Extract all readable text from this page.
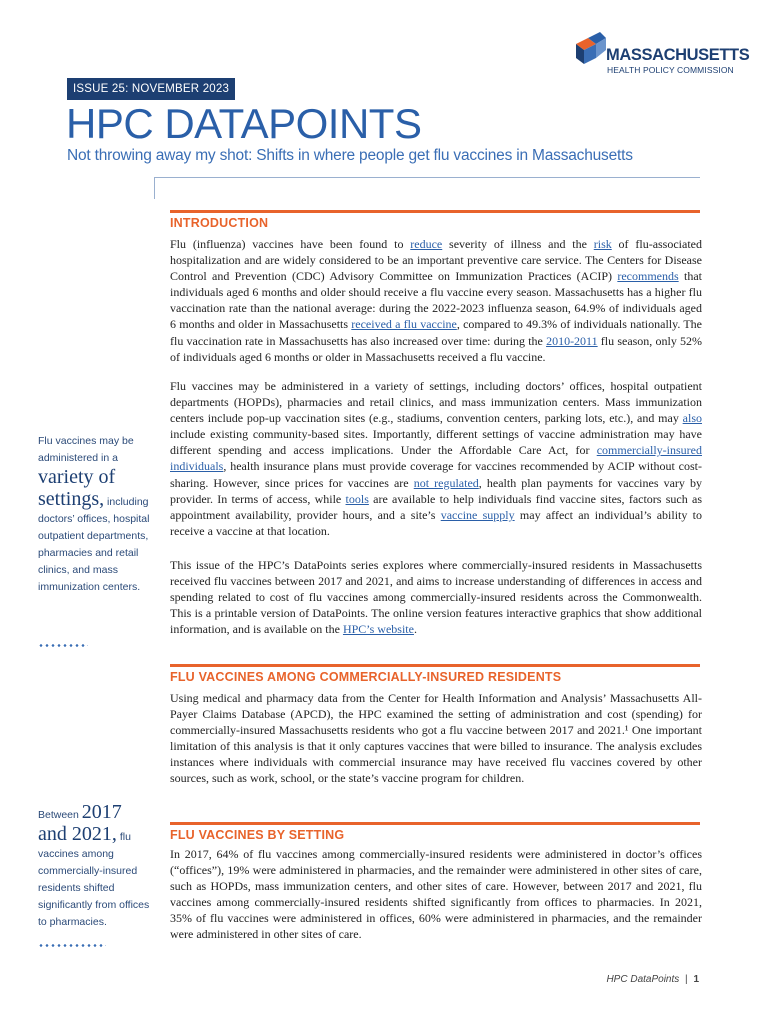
MASSACHUSETTS
HEALTH POLICY COMMISSION
ISSUE 25: NOVEMBER 2023
HPC DATAPOINTS
Not throwing away my shot: Shifts in where people get flu vaccines in Massachusetts
INTRODUCTION

Flu (influenza) vaccines have been found to reduce severity of illness and the risk of flu-associated hospitalization and are widely considered to be an important preventive care service. The Centers for Disease Control and Prevention (CDC) Advisory Committee on Immunization Practices (ACIP) recommends that individuals aged 6 months and older should receive a flu vaccine every season. Massachusetts has a higher flu vaccination rate than the national average: during the 2022-2023 influenza season, 64.9% of individuals aged 6 months and older in Massachusetts received a flu vaccine, compared to 49.3% of individuals nationally. The flu vaccination rate in Massachusetts has also increased over time: during the 2010-2011 flu season, only 52% of individuals aged 6 months or older in Massachusetts received a flu vaccine.

Flu vaccines may be administered in a variety of settings, including doctors’ offices, hospital outpatient departments (HOPDs), pharmacies and retail clinics, and mass immunization centers. Mass immunization centers include pop-up vaccination sites (e.g., stadiums, convention centers, parking lots, etc.), and may also include existing community-based sites. Importantly, different settings of vaccine administration may have different spending and access implications. Under the Affordable Care Act, for commercially-insured individuals, health insurance plans must provide coverage for vaccines recommended by ACIP without cost-sharing. However, since prices for vaccines are not regulated, health plan payments for vaccines vary by provider. In terms of access, while tools are available to help individuals find vaccine sites, factors such as appointment availability, provider hours, and a site’s vaccine supply may affect an individual’s ability to receive a vaccine at that location.

This issue of the HPC’s DataPoints series explores where commercially-insured residents in Massachusetts received flu vaccines between 2017 and 2021, and aims to increase understanding of differences in access and spending related to cost of flu vaccines among commercially-insured residents across the Commonwealth. This is a printable version of DataPoints. The online version features interactive graphics that show additional information, and is available on the HPC’s website.

FLU VACCINES AMONG COMMERCIALLY-INSURED RESIDENTS

Using medical and pharmacy data from the Center for Health Information and Analysis’ Massachusetts All-Payer Claims Database (APCD), the HPC examined the setting of administration and cost (spending) for commercially-insured Massachusetts residents who got a flu vaccine between 2017 and 2021.¹ One important limitation of this analysis is that it only captures vaccines that were billed to insurance. The analysis excludes instances where individuals with commercial insurance may have received flu vaccines covered by other sources, such as work, school, or the state’s vaccine program for children.

FLU VACCINES BY SETTING

In 2017, 64% of flu vaccines among commercially-insured residents were administered in doctor’s offices (“offices”), 19% were administered in pharmacies, and the remainder were administered in other sites of care, such as HOPDs, mass immunization centers, and other sites of care. However, between 2017 and 2021, flu vaccines among commercially-insured residents shifted significantly from offices to pharmacies. In 2021, 35% of flu vaccines were administered in offices, 60% were administered in pharmacies, and the remainder were administered in other sites of care.

Flu vaccines may be administered in a variety of settings, including doctors’ offices, hospital outpatient departments, pharmacies and retail clinics, and mass immunization centers.
Between 2017 and 2021, flu vaccines among commercially-insured residents shifted significantly from offices to pharmacies.
HPC DataPoints | 1
